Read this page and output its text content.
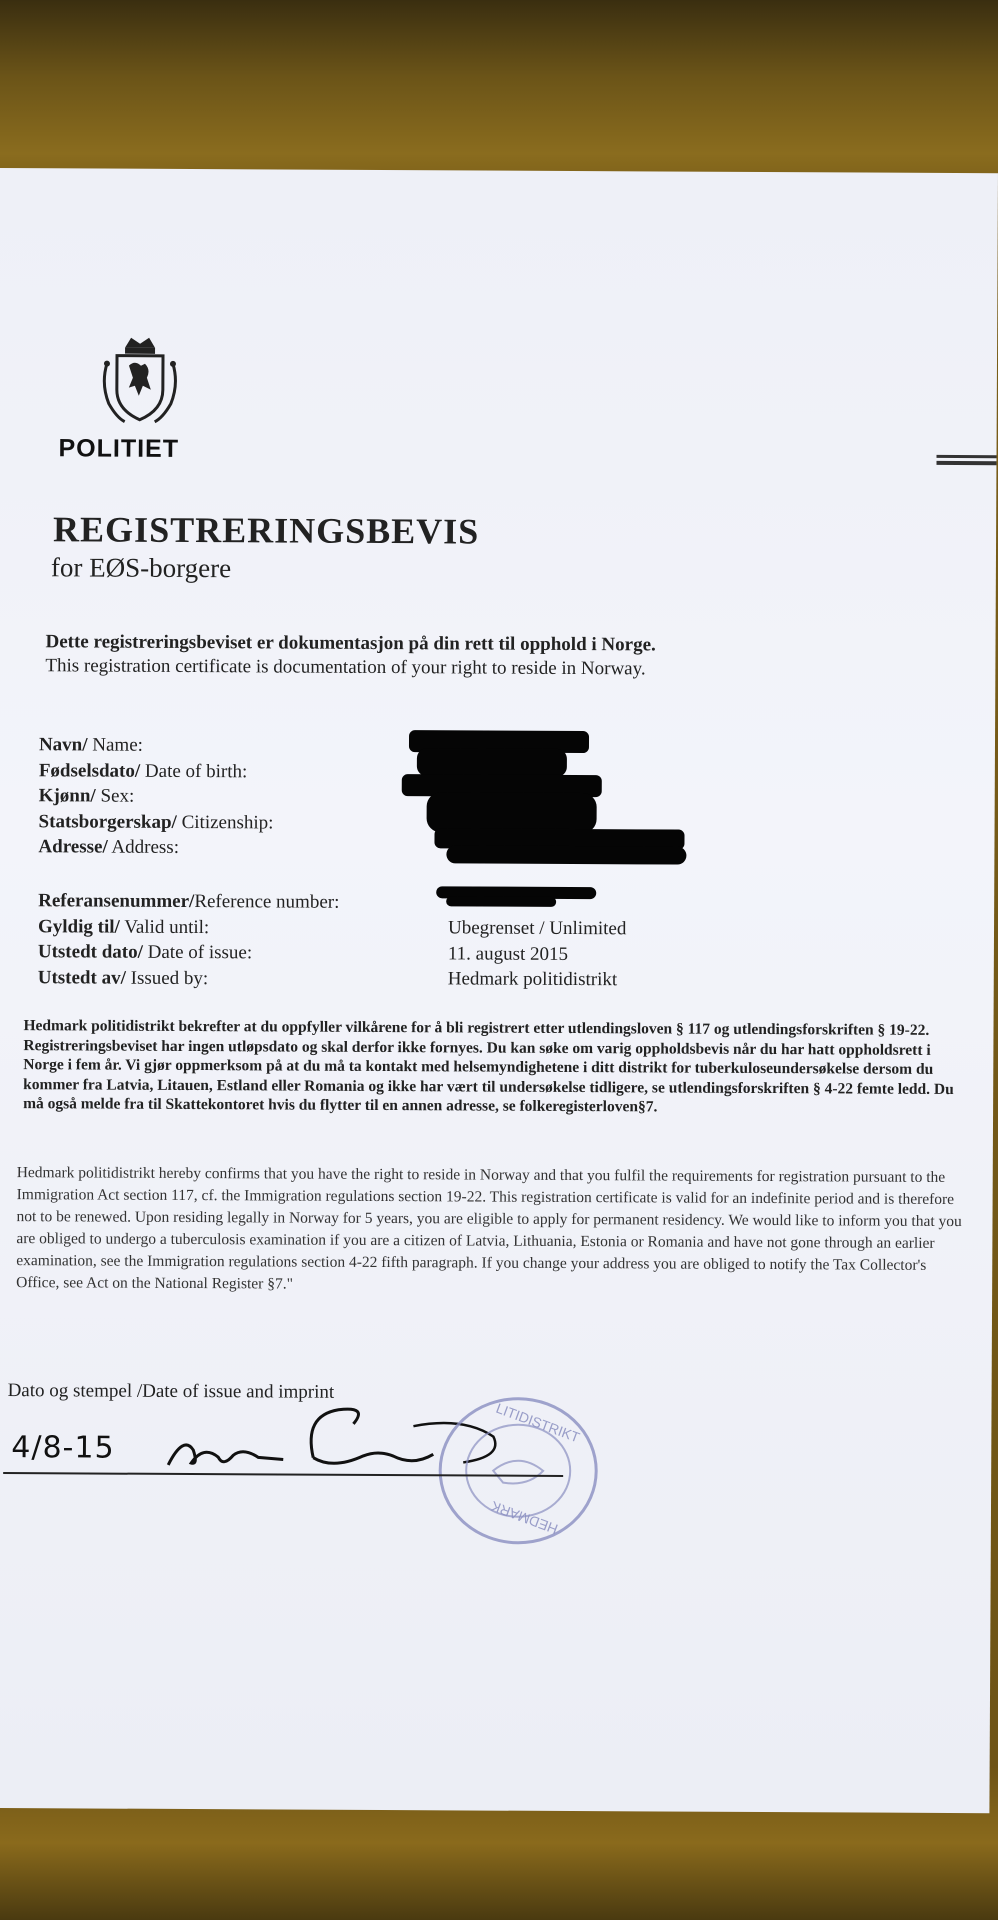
POLITIET
REGISTRERINGSBEVIS
for EØS-borgere
Dette registreringsbeviset er dokumentasjon på din rett til opphold i Norge.
This registration certificate is documentation of your right to reside in Norway.
Navn/ Name:
Fødselsdato/ Date of birth:
Kjønn/ Sex:
Statsborgerskap/ Citizenship:
Adresse/ Address:
Referansenummer/Reference number:
Gyldig til/ Valid until:
Utstedt dato/ Date of issue:
Utstedt av/ Issued by:
Ubegrenset / Unlimited
11. august 2015
Hedmark politidistrikt
Hedmark politidistrikt bekrefter at du oppfyller vilkårene for å bli registrert etter utlendingsloven § 117 og utlendingsforskriften § 19-22. Registreringsbeviset har ingen utløpsdato og skal derfor ikke fornyes. Du kan søke om varig oppholdsbevis når du har hatt oppholdsrett i Norge i fem år. Vi gjør oppmerksom på at du må ta kontakt med helsemyndighetene i ditt distrikt for tuberkuloseundersøkelse dersom du kommer fra Latvia, Litauen, Estland eller Romania og ikke har vært til undersøkelse tidligere, se utlendingsforskriften § 4-22 femte ledd. Du må også melde fra til Skattekontoret hvis du flytter til en annen adresse, se folkeregisterloven§7.
Hedmark politidistrikt hereby confirms that you have the right to reside in Norway and that you fulfil the requirements for registration pursuant to the Immigration Act section 117, cf. the Immigration regulations section 19-22. This registration certificate is valid for an indefinite period and is therefore not to be renewed. Upon residing legally in Norway for 5 years, you are eligible to apply for permanent residency. We would like to inform you that you are obliged to undergo a tuberculosis examination if you are a citizen of Latvia, Lithuania, Estonia or Romania and have not gone through an earlier examination, see the Immigration regulations section 4-22 fifth paragraph. If you change your address you are obliged to notify the Tax Collector's Office, see Act on the National Register §7."
Dato og stempel /Date of issue and imprint
4/8-15
LITIDISTRIKT
HEDMARK
